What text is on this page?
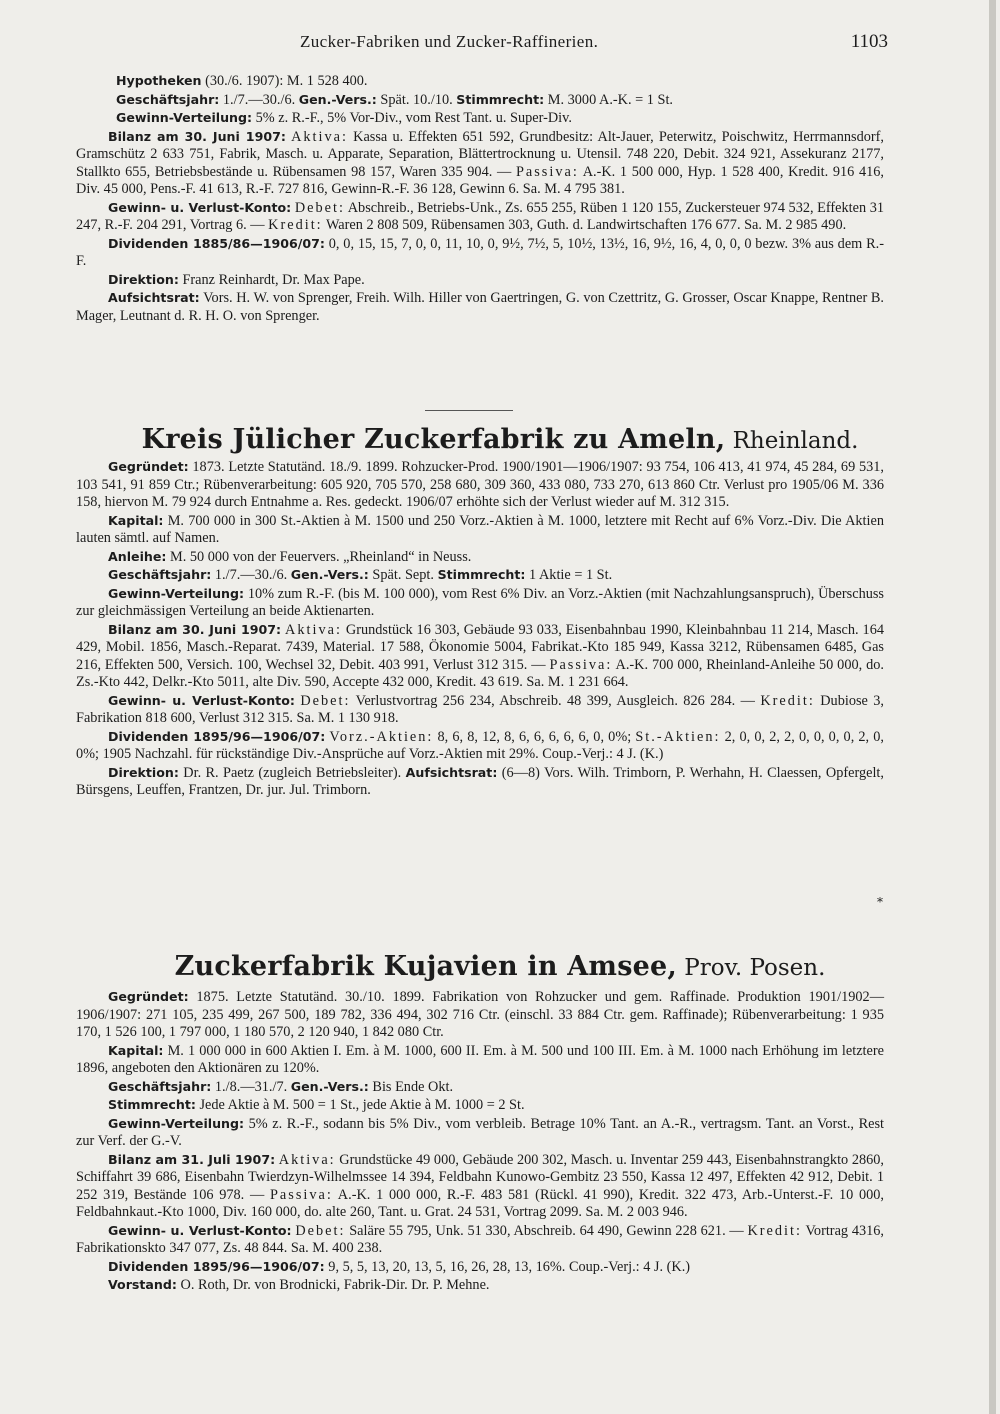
Zucker-Fabriken und Zucker-Raffinerien.	1103

Hypotheken (30./6. 1907): M. 1 528 400.

Geschäftsjahr: 1./7.—30./6. Gen.-Vers.: Spät. 10./10. Stimmrecht: M. 3000 A.-K. = 1 St.

Gewinn-Verteilung: 5% z. R.-F., 5% Vor-Div., vom Rest Tant. u. Super-Div.

Bilanz am 30. Juni 1907: Aktiva: Kassa u. Effekten 651 592, Grundbesitz: Alt-Jauer, Peterwitz, Poischwitz, Herrmannsdorf, Gramschütz 2 633 751, Fabrik, Masch. u. Apparate, Separation, Blättertrocknung u. Utensil. 748 220, Debit. 324 921, Assekuranz 2177, Stallkto 655, Betriebsbestände u. Rübensamen 98 157, Waren 335 904. — Passiva: A.-K. 1 500 000, Hyp. 1 528 400, Kredit. 916 416, Div. 45 000, Pens.-F. 41 613, R.-F. 727 816, Gewinn-R.-F. 36 128, Gewinn 6. Sa. M. 4 795 381.

Gewinn- u. Verlust-Konto: Debet: Abschreib., Betriebs-Unk., Zs. 655 255, Rüben 1 120 155, Zuckersteuer 974 532, Effekten 31 247, R.-F. 204 291, Vortrag 6. — Kredit: Waren 2 808 509, Rübensamen 303, Guth. d. Landwirtschaften 176 677. Sa. M. 2 985 490.

Dividenden 1885/86—1906/07: 0, 0, 15, 15, 7, 0, 0, 11, 10, 0, 9½, 7½, 5, 10½, 13½, 16, 9½, 16, 4, 0, 0, 0 bezw. 3% aus dem R.-F.

Direktion: Franz Reinhardt, Dr. Max Pape.

Aufsichtsrat: Vors. H. W. von Sprenger, Freih. Wilh. Hiller von Gaertringen, G. von Czettritz, G. Grosser, Oscar Knappe, Rentner B. Mager, Leutnant d. R. H. O. von Sprenger.

Kreis Jülicher Zuckerfabrik zu Ameln, Rheinland.

Gegründet: 1873. Letzte Statutänd. 18./9. 1899. Rohzucker-Prod. 1900/1901—1906/1907: 93 754, 106 413, 41 974, 45 284, 69 531, 103 541, 91 859 Ctr.; Rübenverarbeitung: 605 920, 705 570, 258 680, 309 360, 433 080, 733 270, 613 860 Ctr. Verlust pro 1905/06 M. 336 158, hiervon M. 79 924 durch Entnahme a. Res. gedeckt. 1906/07 erhöhte sich der Verlust wieder auf M. 312 315.

Kapital: M. 700 000 in 300 St.-Aktien à M. 1500 und 250 Vorz.-Aktien à M. 1000, letztere mit Recht auf 6% Vorz.-Div. Die Aktien lauten sämtl. auf Namen.

Anleihe: M. 50 000 von der Feuervers. „Rheinland“ in Neuss.

Geschäftsjahr: 1./7.—30./6. Gen.-Vers.: Spät. Sept. Stimmrecht: 1 Aktie = 1 St.

Gewinn-Verteilung: 10% zum R.-F. (bis M. 100 000), vom Rest 6% Div. an Vorz.-Aktien (mit Nachzahlungsanspruch), Überschuss zur gleichmässigen Verteilung an beide Aktienarten.

Bilanz am 30. Juni 1907: Aktiva: Grundstück 16 303, Gebäude 93 033, Eisenbahnbau 1990, Kleinbahnbau 11 214, Masch. 164 429, Mobil. 1856, Masch.-Reparat. 7439, Material. 17 588, Ökonomie 5004, Fabrikat.-Kto 185 949, Kassa 3212, Rübensamen 6485, Gas 216, Effekten 500, Versich. 100, Wechsel 32, Debit. 403 991, Verlust 312 315. — Passiva: A.-K. 700 000, Rheinland-Anleihe 50 000, do. Zs.-Kto 442, Delkr.-Kto 5011, alte Div. 590, Accepte 432 000, Kredit. 43 619. Sa. M. 1 231 664.

Gewinn- u. Verlust-Konto: Debet: Verlustvortrag 256 234, Abschreib. 48 399, Ausgleich. 826 284. — Kredit: Dubiose 3, Fabrikation 818 600, Verlust 312 315. Sa. M. 1 130 918.

Dividenden 1895/96—1906/07: Vorz.-Aktien: 8, 6, 8, 12, 8, 6, 6, 6, 6, 6, 0, 0%; St.-Aktien: 2, 0, 0, 2, 2, 0, 0, 0, 0, 2, 0, 0%; 1905 Nachzahl. für rückständige Div.-Ansprüche auf Vorz.-Aktien mit 29%. Coup.-Verj.: 4 J. (K.)

Direktion: Dr. R. Paetz (zugleich Betriebsleiter). Aufsichtsrat: (6—8) Vors. Wilh. Trimborn, P. Werhahn, H. Claessen, Opfergelt, Bürsgens, Leuffen, Frantzen, Dr. jur. Jul. Trimborn.

*
Zuckerfabrik Kujavien in Amsee, Prov. Posen.

Gegründet: 1875. Letzte Statutänd. 30./10. 1899. Fabrikation von Rohzucker und gem. Raffinade. Produktion 1901/1902—1906/1907: 271 105, 235 499, 267 500, 189 782, 336 494, 302 716 Ctr. (einschl. 33 884 Ctr. gem. Raffinade); Rübenverarbeitung: 1 935 170, 1 526 100, 1 797 000, 1 180 570, 2 120 940, 1 842 080 Ctr.

Kapital: M. 1 000 000 in 600 Aktien I. Em. à M. 1000, 600 II. Em. à M. 500 und 100 III. Em. à M. 1000 nach Erhöhung im letztere 1896, angeboten den Aktionären zu 120%.

Geschäftsjahr: 1./8.—31./7. Gen.-Vers.: Bis Ende Okt.

Stimmrecht: Jede Aktie à M. 500 = 1 St., jede Aktie à M. 1000 = 2 St.

Gewinn-Verteilung: 5% z. R.-F., sodann bis 5% Div., vom verbleib. Betrage 10% Tant. an A.-R., vertragsm. Tant. an Vorst., Rest zur Verf. der G.-V.

Bilanz am 31. Juli 1907: Aktiva: Grundstücke 49 000, Gebäude 200 302, Masch. u. Inventar 259 443, Eisenbahnstrangkto 2860, Schiffahrt 39 686, Eisenbahn Twierdzyn-Wilhelmssee 14 394, Feldbahn Kunowo-Gembitz 23 550, Kassa 12 497, Effekten 42 912, Debit. 1 252 319, Bestände 106 978. — Passiva: A.-K. 1 000 000, R.-F. 483 581 (Rückl. 41 990), Kredit. 322 473, Arb.-Unterst.-F. 10 000, Feldbahnkaut.-Kto 1000, Div. 160 000, do. alte 260, Tant. u. Grat. 24 531, Vortrag 2099. Sa. M. 2 003 946.

Gewinn- u. Verlust-Konto: Debet: Saläre 55 795, Unk. 51 330, Abschreib. 64 490, Gewinn 228 621. — Kredit: Vortrag 4316, Fabrikationskto 347 077, Zs. 48 844. Sa. M. 400 238.

Dividenden 1895/96—1906/07: 9, 5, 5, 13, 20, 13, 5, 16, 26, 28, 13, 16%. Coup.-Verj.: 4 J. (K.)

Vorstand: O. Roth, Dr. von Brodnicki, Fabrik-Dir. Dr. P. Mehne.
